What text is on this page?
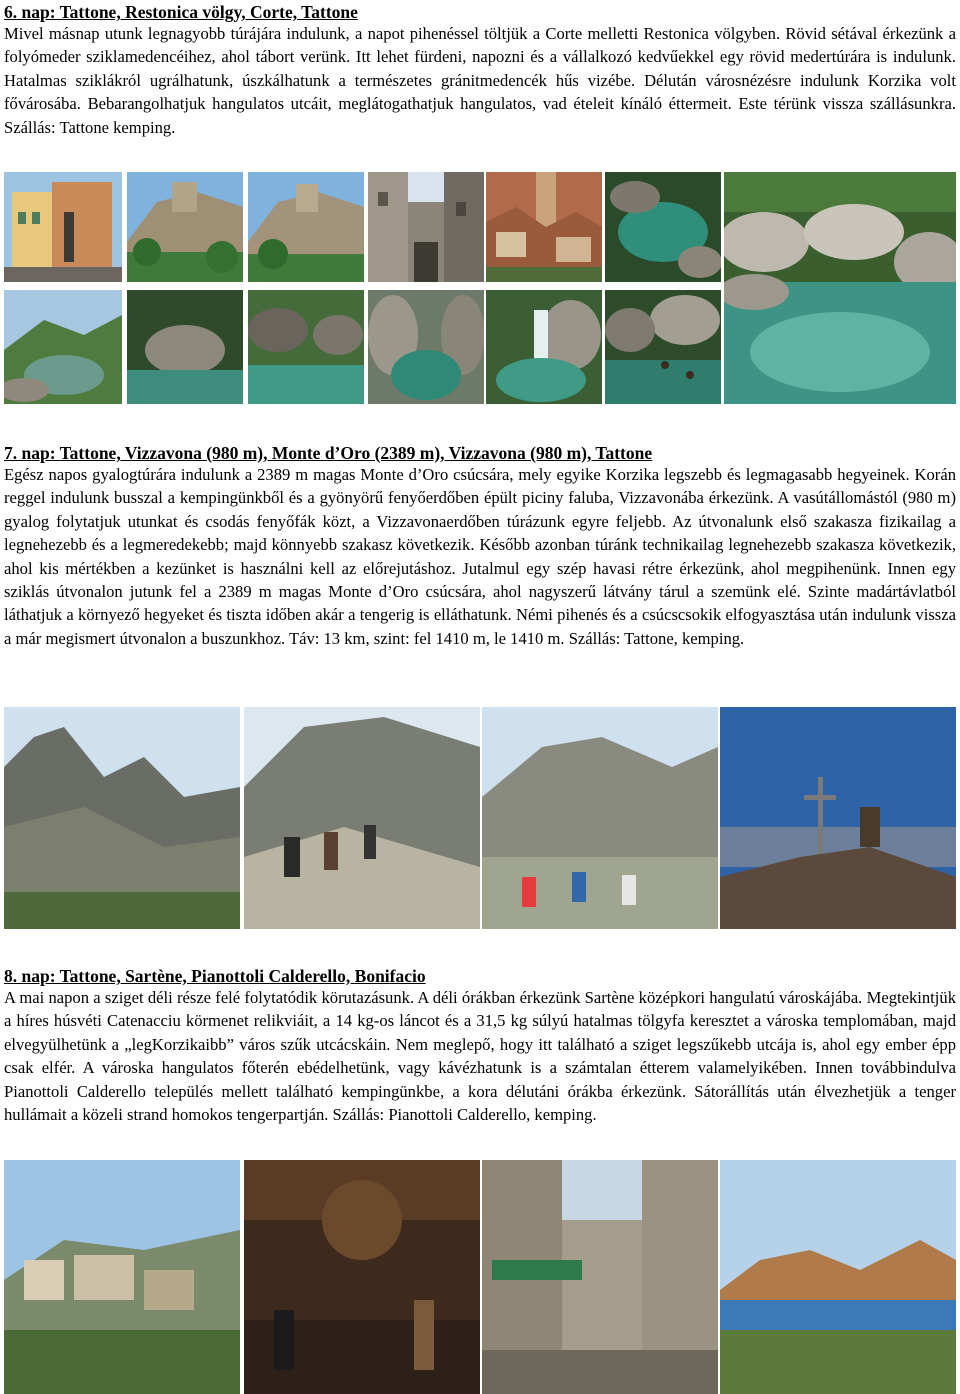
6. nap: Tattone, Restonica völgy, Corte, Tattone

Mivel másnap utunk legnagyobb túrájára indulunk, a napot pihenéssel töltjük a Corte melletti Restonica völgyben. Rövid sétával érkezünk a folyómeder sziklamedencéihez, ahol tábort verünk. Itt lehet fürdeni, napozni és a vállalkozó kedvűekkel egy rövid medertúrára is indulunk. Hatalmas sziklákról ugrálhatunk, úszkálhatunk a természetes gránitmedencék hűs vizébe. Délután városnézésre indulunk Korzika volt fővárosába. Bebarangolhatjuk hangulatos utcáit, meglátogathatjuk hangulatos, vad ételeit kínáló éttermeit. Este térünk vissza szállásunkra. Szállás: Tattone kemping.

7. nap: Tattone, Vizzavona (980 m), Monte d’Oro (2389 m), Vizzavona (980 m), Tattone

Egész napos gyalogtúrára indulunk a 2389 m magas Monte d’Oro csúcsára, mely egyike Korzika legszebb és legmagasabb hegyeinek. Korán reggel indulunk busszal a kempingünkből és a gyönyörű fenyőerdőben épült piciny faluba, Vizzavonába érkezünk. A vasútállomástól (980 m) gyalog folytatjuk utunkat és csodás fenyőfák közt, a Vizzavonaerdőben túrázunk egyre feljebb. Az útvonalunk első szakasza fizikailag a legnehezebb és a legmeredekebb; majd könnyebb szakasz következik. Később azonban túránk technikailag legnehezebb szakasza következik, ahol kis mértékben a kezünket is használni kell az előrejutáshoz. Jutalmul egy szép havasi rétre érkezünk, ahol megpihenünk. Innen egy sziklás útvonalon jutunk fel a 2389 m magas Monte d’Oro csúcsára, ahol nagyszerű látvány tárul a szemünk elé. Szinte madártávlatból láthatjuk a környező hegyeket és tiszta időben akár a tengerig is elláthatunk. Némi pihenés és a csúcscsokik elfogyasztása után indulunk vissza a már megismert útvonalon a buszunkhoz. Táv: 13 km, szint: fel 1410 m, le 1410 m. Szállás: Tattone, kemping.

8. nap: Tattone, Sartène, Pianottoli Calderello, Bonifacio

A mai napon a sziget déli része felé folytatódik körutazásunk. A déli órákban érkezünk Sartène középkori hangulatú városkájába. Megtekintjük a híres húsvéti Catenacciu körmenet relikviáit, a 14 kg-os láncot és a 31,5 kg súlyú hatalmas tölgyfa keresztet a városka templomában, majd elvegyülhetünk a „legKorzikaibb” város szűk utcácskáin. Nem meglepő, hogy itt található a sziget legszűkebb utcája is, ahol egy ember épp csak elfér. A városka hangulatos főterén ebédelhetünk, vagy kávézhatunk is a számtalan étterem valamelyikében. Innen továbbindulva Pianottoli Calderello település mellett található kempingünkbe, a kora délutáni órákba érkezünk. Sátorállítás után élvezhetjük a tenger hullámait a közeli strand homokos tengerpartján. Szállás: Pianottoli Calderello, kemping.
